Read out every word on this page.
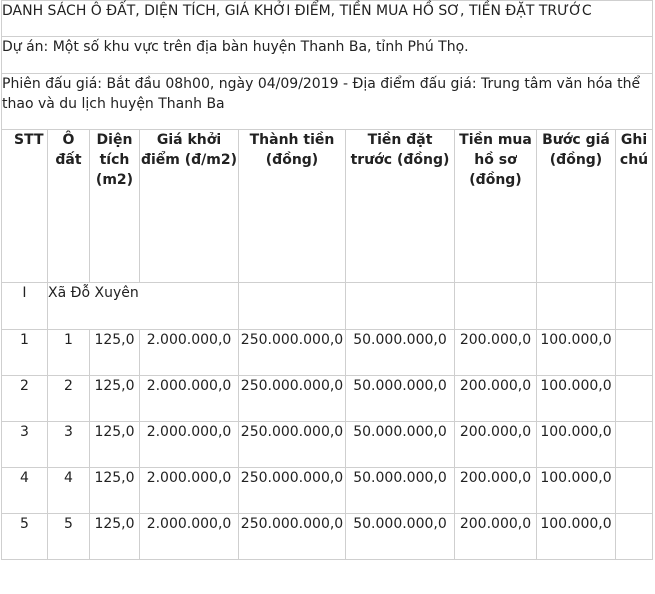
DANH SÁCH Ô ĐẤT, DIỆN TÍCH, GIÁ KHỞI ĐIỂM, TIỀN MUA HỒ SƠ, TIỀN ĐẶT TRƯỚC								
Dự án: Một số khu vực trên địa bàn huyện Thanh Ba, tỉnh Phú Thọ.								
Phiên đấu giá: Bắt đầu 08h00, ngày 04/09/2019 - Địa điểm đấu giá: Trung tâm văn hóa thể thao và du lịch huyện Thanh Ba								
STT	Ô đất	Diện tích (m2)	Giá khởi điểm (đ/m2)	Thành tiền (đồng)	Tiền đặt trước (đồng)	Tiền mua hồ sơ (đồng)	Bước giá (đồng)	Ghi chú
I	Xã Đỗ Xuyên							
1	1	125,0	2.000.000,0	250.000.000,0	50.000.000,0	200.000,0	100.000,0	
2	2	125,0	2.000.000,0	250.000.000,0	50.000.000,0	200.000,0	100.000,0	
3	3	125,0	2.000.000,0	250.000.000,0	50.000.000,0	200.000,0	100.000,0	
4	4	125,0	2.000.000,0	250.000.000,0	50.000.000,0	200.000,0	100.000,0	
5	5	125,0	2.000.000,0	250.000.000,0	50.000.000,0	200.000,0	100.000,0	
